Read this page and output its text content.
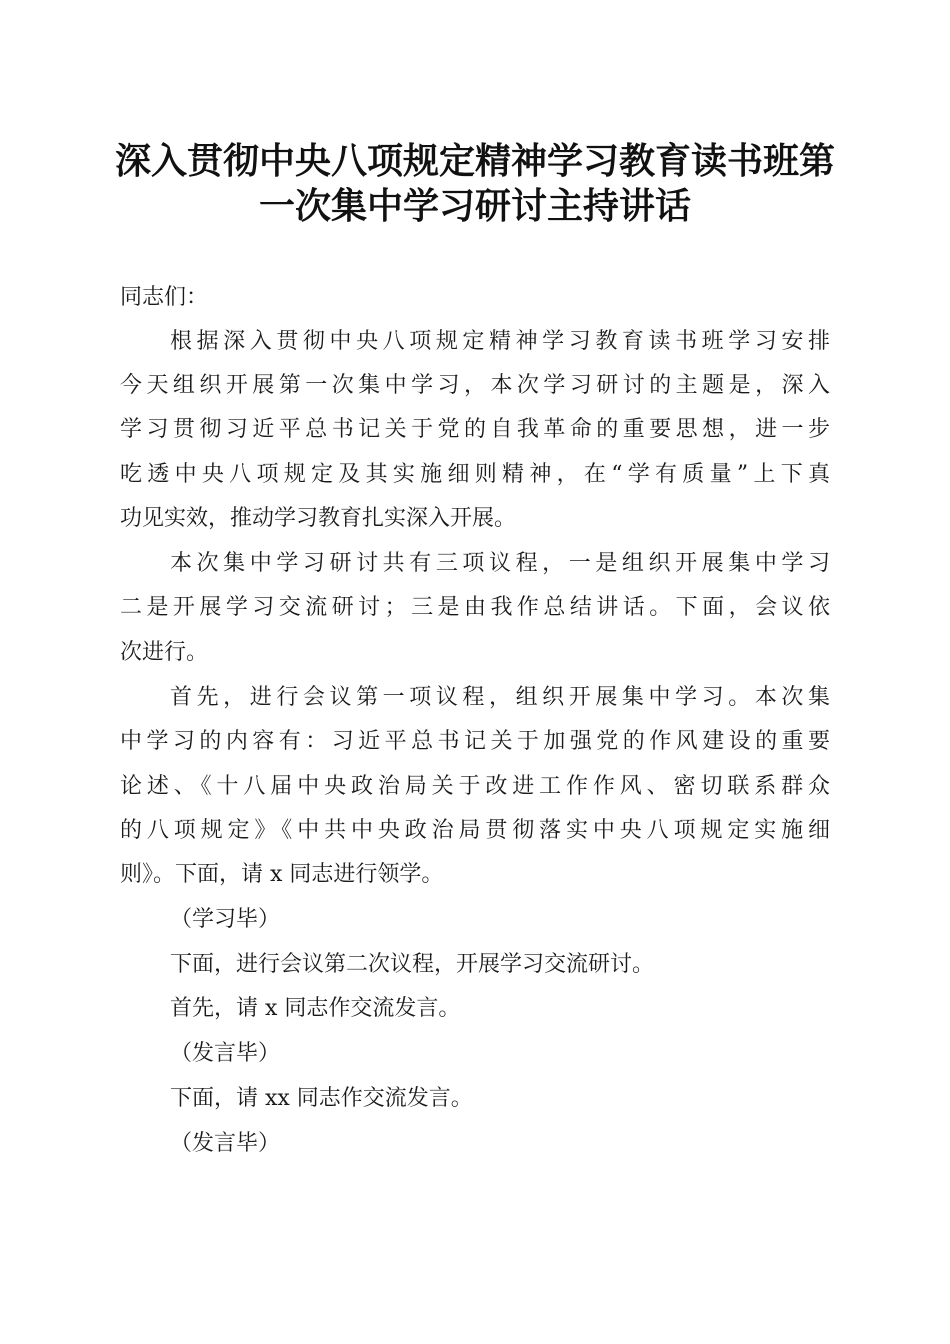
深入贯彻中央八项规定精神学习教育读书班第
一次集中学习研讨主持讲话
同志们：
根据深入贯彻中央八项规定精神学习教育读书班学习安排
今天组织开展第一次集中学习，本次学习研讨的主题是，深入
学习贯彻习近平总书记关于党的自我革命的重要思想，进一步
吃透中央八项规定及其实施细则精神，在“学有质量”上下真
功见实效，推动学习教育扎实深入开展。
本次集中学习研讨共有三项议程，一是组织开展集中学习
二是开展学习交流研讨；三是由我作总结讲话。下面，会议依
次进行。
首先，进行会议第一项议程，组织开展集中学习。本次集
中学习的内容有：习近平总书记关于加强党的作风建设的重要
论述、《十八届中央政治局关于改进工作作风、密切联系群众
的八项规定》《中共中央政治局贯彻落实中央八项规定实施细
则》。下面，请 x 同志进行领学。
（学习毕）
下面，进行会议第二次议程，开展学习交流研讨。
首先，请 x 同志作交流发言。
（发言毕）
下面，请 xx 同志作交流发言。
（发言毕）
